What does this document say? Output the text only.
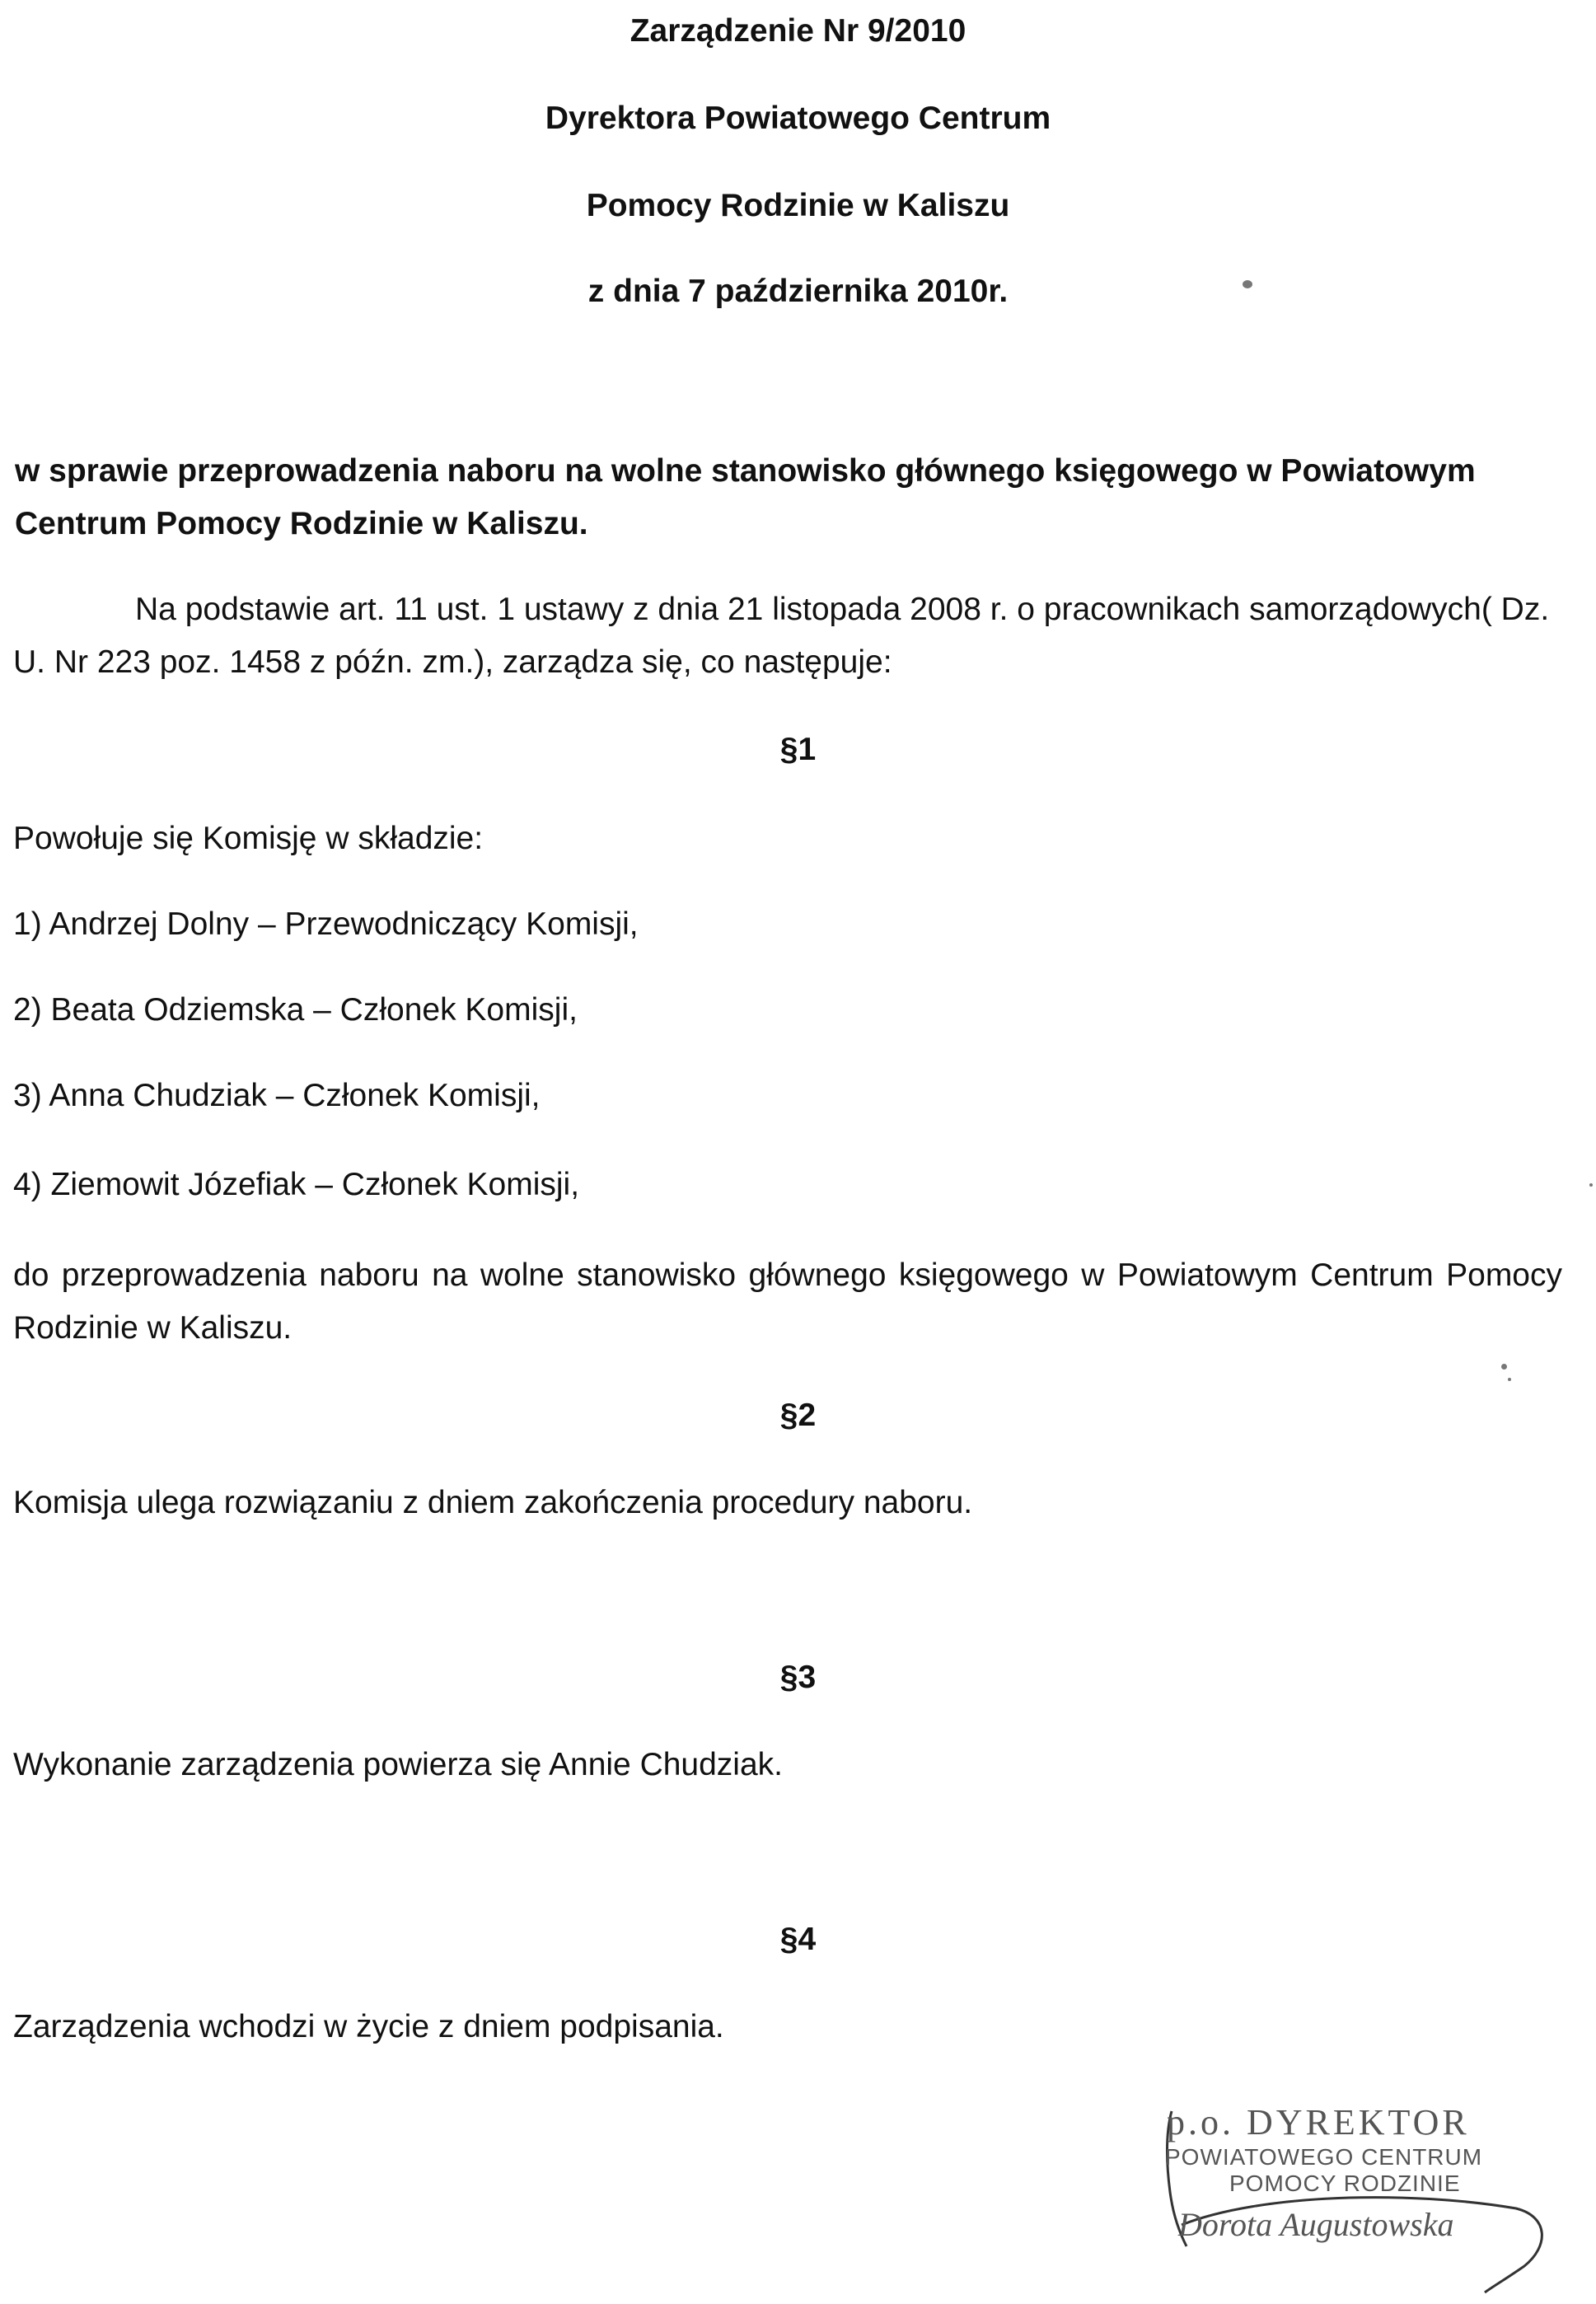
Zarządzenie Nr 9/2010
Dyrektora Powiatowego Centrum
Pomocy Rodzinie w Kaliszu
z dnia 7 października 2010r.
w sprawie przeprowadzenia naboru na wolne stanowisko głównego księgowego w Powiatowym Centrum Pomocy Rodzinie w Kaliszu.
Na podstawie art. 11 ust. 1 ustawy z dnia 21 listopada 2008 r. o pracownikach samorządowych( Dz. U. Nr 223 poz. 1458 z późn. zm.), zarządza się, co następuje:
§1
Powołuje się Komisję w składzie:
1) Andrzej Dolny – Przewodniczący Komisji,
2) Beata Odziemska – Członek Komisji,
3) Anna Chudziak – Członek Komisji,
4) Ziemowit Józefiak – Członek Komisji,
do przeprowadzenia naboru na wolne stanowisko głównego księgowego w Powiatowym Centrum Pomocy Rodzinie w Kaliszu.
§2
Komisja ulega rozwiązaniu z dniem zakończenia procedury naboru.
§3
Wykonanie zarządzenia powierza się Annie Chudziak.
§4
Zarządzenia wchodzi w życie z dniem podpisania.
p.o. DYREKTOR
POWIATOWEGO CENTRUM
POMOCY RODZINIE
Dorota Augustowska
